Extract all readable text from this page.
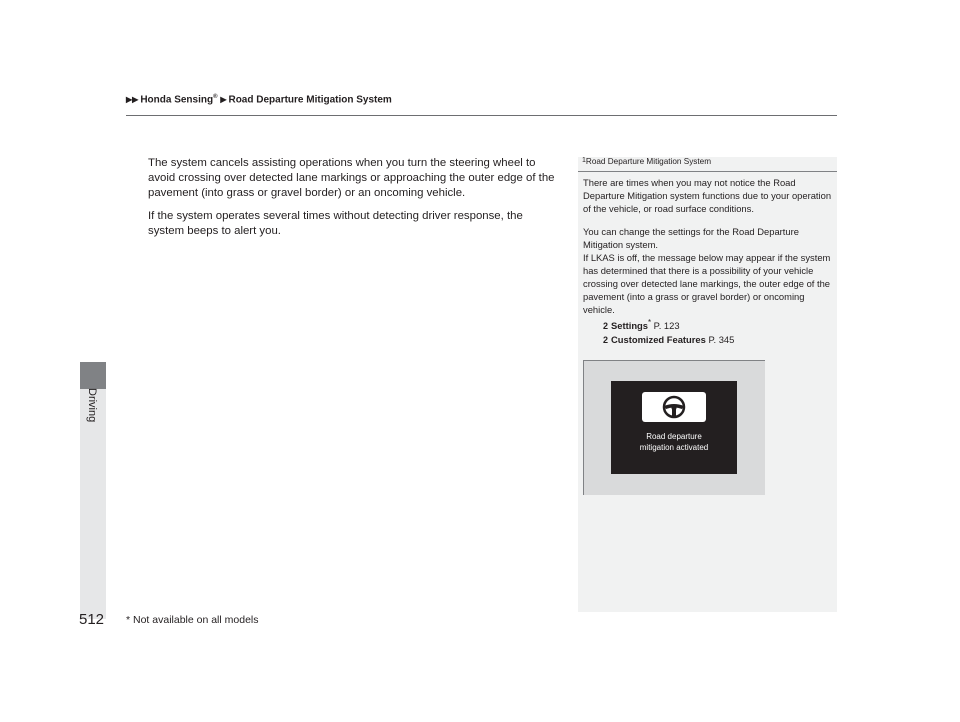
▶▶ Honda Sensing® ▶ Road Departure Mitigation System
Driving

The system cancels assisting operations when you turn the steering wheel to avoid crossing over detected lane markings or approaching the outer edge of the pavement (into grass or gravel border) or an oncoming vehicle.

If the system operates several times without detecting driver response, the system beeps to alert you.

1Road Departure Mitigation System

There are times when you may not notice the Road Departure Mitigation system functions due to your operation of the vehicle, or road surface conditions.

You can change the settings for the Road Departure Mitigation system.

If LKAS is off, the message below may appear if the system has determined that there is a possibility of your vehicle crossing over detected lane markings, the outer edge of the pavement (into a grass or gravel border) or oncoming vehicle.

2 Settings* P. 123
2 Customized Features P. 345
Road departure
mitigation activated
512 * Not available on all models
